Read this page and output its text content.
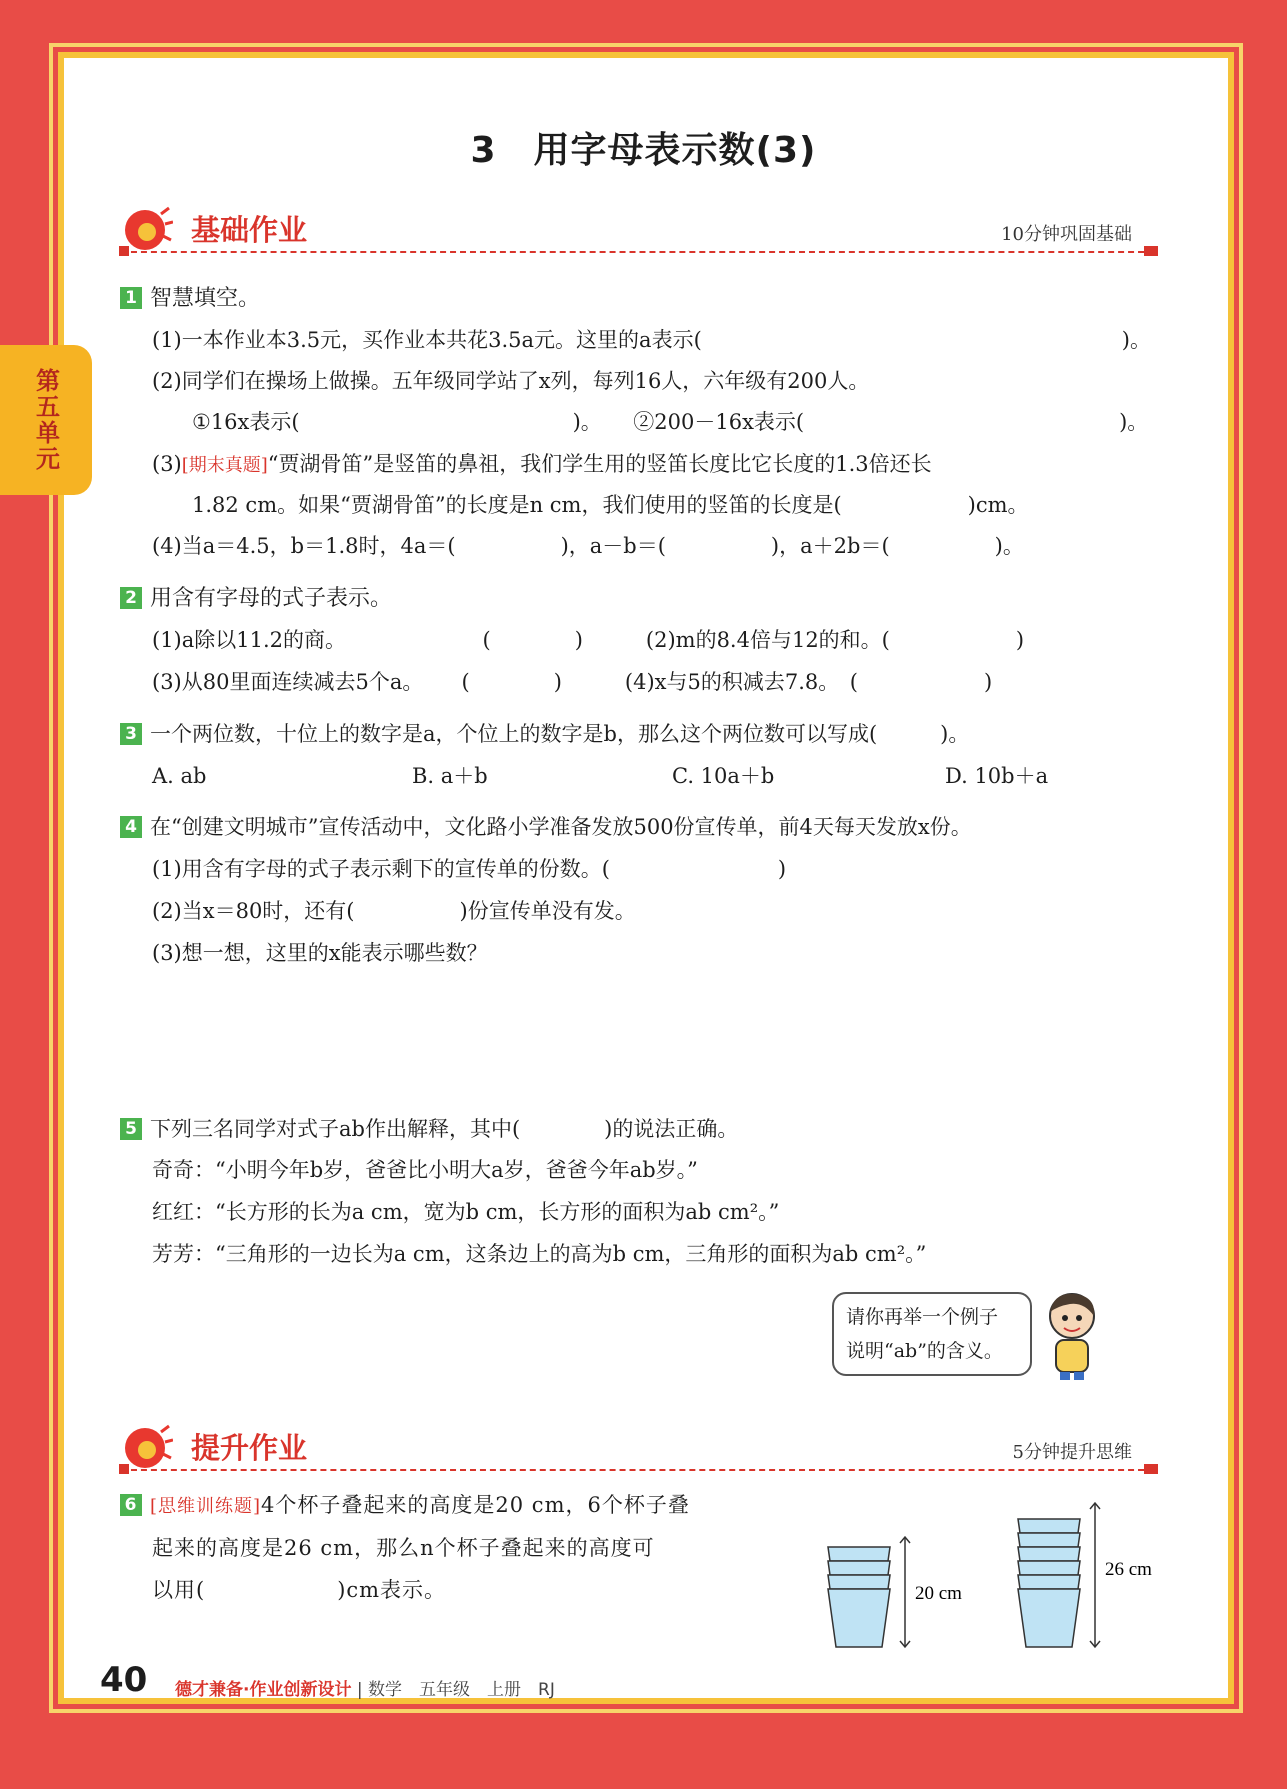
第五单元
3　用字母表示数(3)
基础作业	10分钟巩固基础
1 智慧填空。
(1)一本作业本3.5元，买作业本共花3.5a元。这里的a表示(　　　　　　　　　　　　　　　　　　　　)。
(2)同学们在操场上做操。五年级同学站了x列，每列16人，六年级有200人。
①16x表示(　　　　　　　　　　　　　)。　　②200－16x表示(　　　　　　　　　　　　　　　)。
(3)[期末真题]“贾湖骨笛”是竖笛的鼻祖，我们学生用的竖笛长度比它长度的1.3倍还长
1.82 cm。如果“贾湖骨笛”的长度是n cm，我们使用的竖笛的长度是(　　　　　　)cm。
(4)当a＝4.5，b＝1.8时，4a＝(　　　　　)，a－b＝(　　　　　)，a＋2b＝(　　　　　)。
2 用含有字母的式子表示。
(1)a除以11.2的商。　　　　　　　(　　　　)　　　(2)m的8.4倍与12的和。(　　　　　　)
(3)从80里面连续减去5个a。　　 (　　　　)　　　(4)x与5的积减去7.8。　(　　　　　　)
3 一个两位数，十位上的数字是a，个位上的数字是b，那么这个两位数可以写成(　　　)。
A. ab	B. a＋b	C. 10a＋b	D. 10b＋a
4 在“创建文明城市”宣传活动中，文化路小学准备发放500份宣传单，前4天每天发放x份。
(1)用含有字母的式子表示剩下的宣传单的份数。(　　　　　　　　)
(2)当x＝80时，还有(　　　　　)份宣传单没有发。
(3)想一想，这里的x能表示哪些数？
5 下列三名同学对式子ab作出解释，其中(　　　　)的说法正确。
奇奇：“小明今年b岁，爸爸比小明大a岁，爸爸今年ab岁。”
红红：“长方形的长为a cm，宽为b cm，长方形的面积为ab cm²。”
芳芳：“三角形的一边长为a cm，这条边上的高为b cm，三角形的面积为ab cm²。”
请你再举一个例子
说明“ab”的含义。
提升作业	5分钟提升思维
6 [思维训练题]4个杯子叠起来的高度是20 cm，6个杯子叠
起来的高度是26 cm，那么n个杯子叠起来的高度可
以用(　　　　　　)cm表示。	20 cm
26 cm
40 德才兼备·作业创新设计 | 数学　五年级　上册　RJ
